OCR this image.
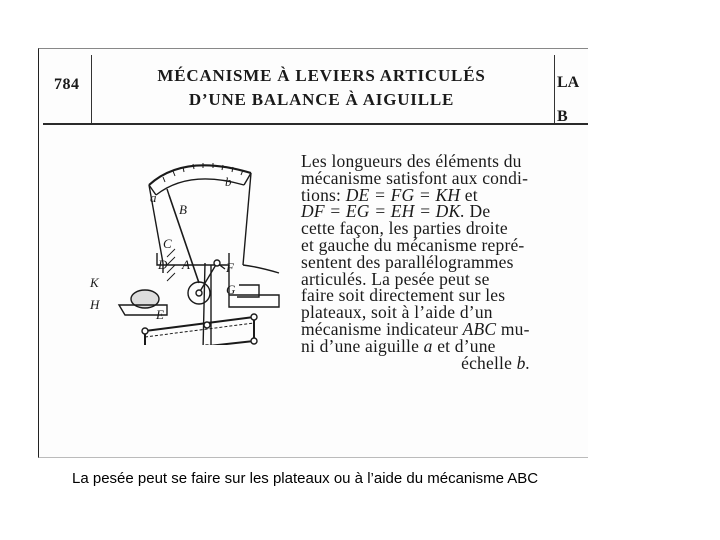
784	MÉCANISME À LEVIERS ARTICULÉS
D’UNE BALANCE À AIGUILLE
LA
B
Les longueurs des éléments du
mécanisme satisfont aux condi-
tions: DE = FG = KH et
DF = EG = EH = DK. De
cette façon, les parties droite
et gauche du mécanisme repré-
sentent des parallélogrammes
articulés. La pesée peut se
faire soit directement sur les
plateaux, soit à l’aide d’un
mécanisme indicateur ABC mu-
ni d’une aiguille a et d’une
échelle b.
a
b
B
C
D A	F
K	G
H
E
La pesée peut se faire sur les plateaux ou à l’aide du mécanisme ABC
